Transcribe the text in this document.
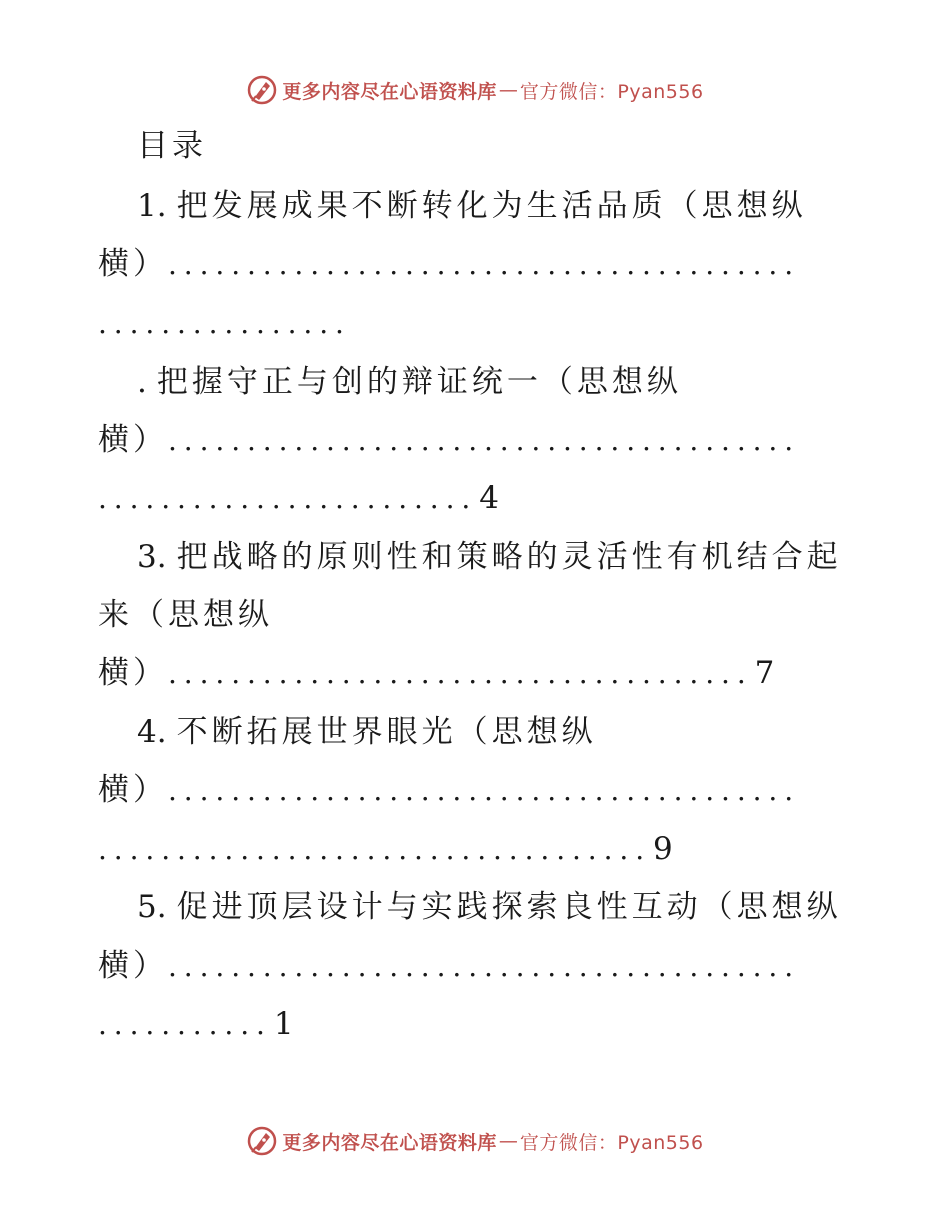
更多内容尽在心语资料库 — 官方微信：Pyan556
目录
1. 把发展成果不断转化为生活品质（思想纵
横）........................................
................
. 把握守正与创的辩证统一（思想纵
横）........................................
........................4
3. 把战略的原则性和策略的灵活性有机结合起
来（思想纵
横）.....................................7
4. 不断拓展世界眼光（思想纵
横）........................................
...................................9
5. 促进顶层设计与实践探索良性互动（思想纵
横）........................................
...........1
更多内容尽在心语资料库 — 官方微信：Pyan556
